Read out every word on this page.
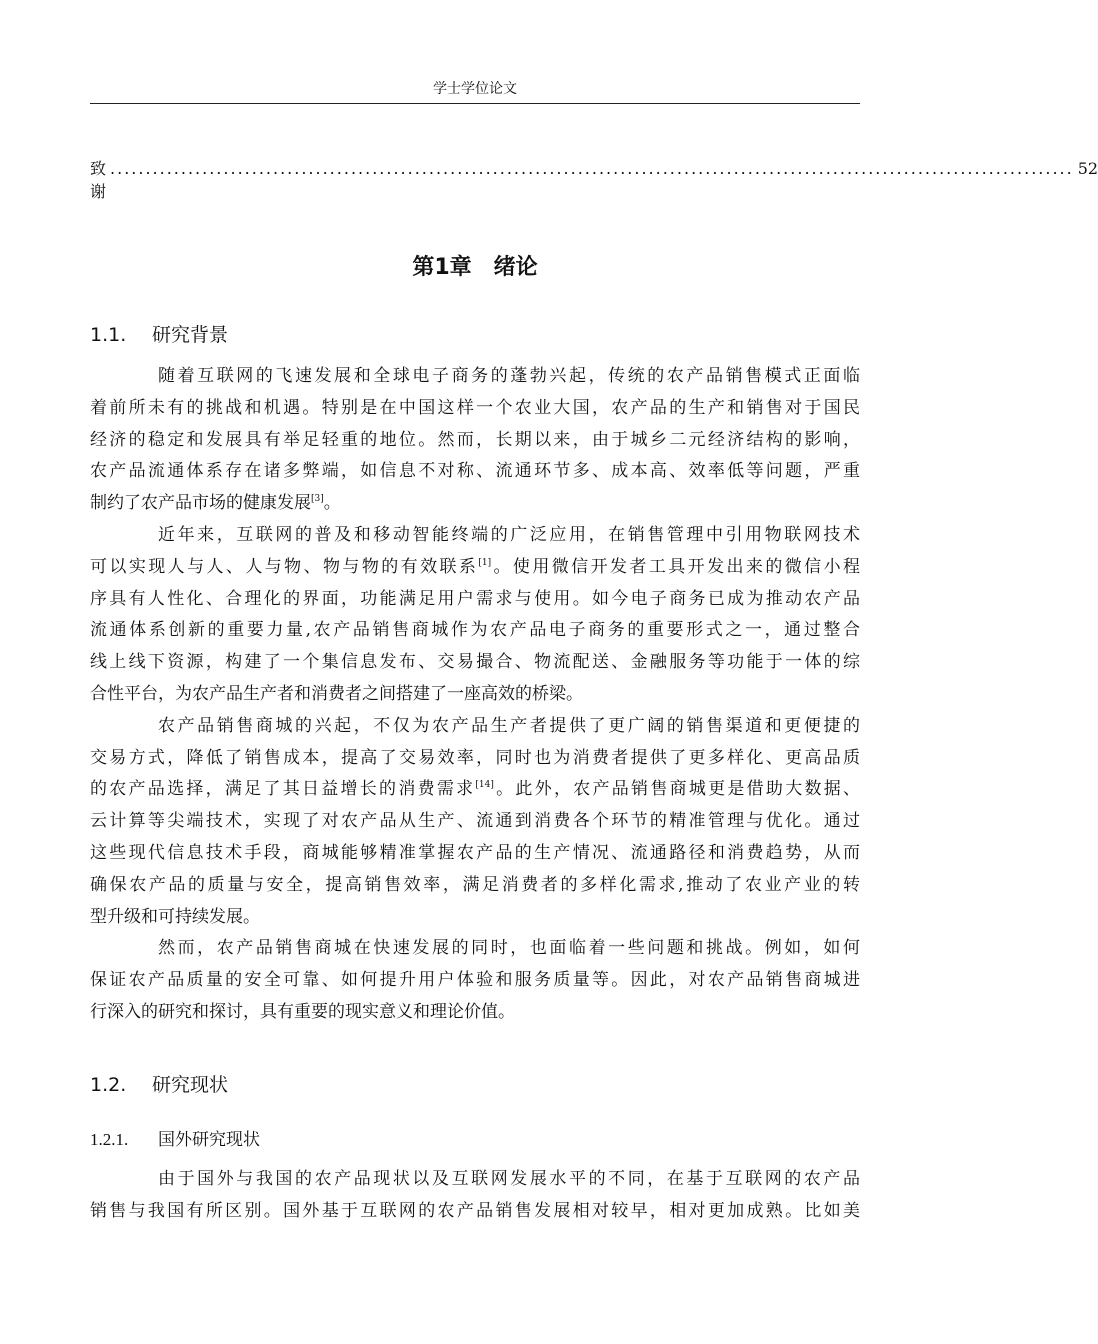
学士学位论文
致谢
........................................................................................................................................ 52
第1章　绪论
1.1. 研究背景
随着互联网的飞速发展和全球电子商务的蓬勃兴起，传统的农产品销售模式正面临
着前所未有的挑战和机遇。特别是在中国这样一个农业大国，农产品的生产和销售对于国民
经济的稳定和发展具有举足轻重的地位。然而，长期以来，由于城乡二元经济结构的影响，
农产品流通体系存在诸多弊端，如信息不对称、流通环节多、成本高、效率低等问题，严重
制约了农产品市场的健康发展[3]。
近年来，互联网的普及和移动智能终端的广泛应用，在销售管理中引用物联网技术
可以实现人与人、人与物、物与物的有效联系[1]。使用微信开发者工具开发出来的微信小程
序具有人性化、合理化的界面，功能满足用户需求与使用。如今电子商务已成为推动农产品
流通体系创新的重要力量,农产品销售商城作为农产品电子商务的重要形式之一，通过整合
线上线下资源，构建了一个集信息发布、交易撮合、物流配送、金融服务等功能于一体的综
合性平台，为农产品生产者和消费者之间搭建了一座高效的桥梁。
农产品销售商城的兴起，不仅为农产品生产者提供了更广阔的销售渠道和更便捷的
交易方式，降低了销售成本，提高了交易效率，同时也为消费者提供了更多样化、更高品质
的农产品选择，满足了其日益增长的消费需求[14]。此外，农产品销售商城更是借助大数据、
云计算等尖端技术，实现了对农产品从生产、流通到消费各个环节的精准管理与优化。通过
这些现代信息技术手段，商城能够精准掌握农产品的生产情况、流通路径和消费趋势，从而
确保农产品的质量与安全，提高销售效率，满足消费者的多样化需求,推动了农业产业的转
型升级和可持续发展。
然而，农产品销售商城在快速发展的同时，也面临着一些问题和挑战。例如，如何
保证农产品质量的安全可靠、如何提升用户体验和服务质量等。因此，对农产品销售商城进
行深入的研究和探讨，具有重要的现实意义和理论价值。
1.2. 研究现状
1.2.1. 国外研究现状
由于国外与我国的农产品现状以及互联网发展水平的不同，在基于互联网的农产品
销售与我国有所区别。国外基于互联网的农产品销售发展相对较早，相对更加成熟。比如美
